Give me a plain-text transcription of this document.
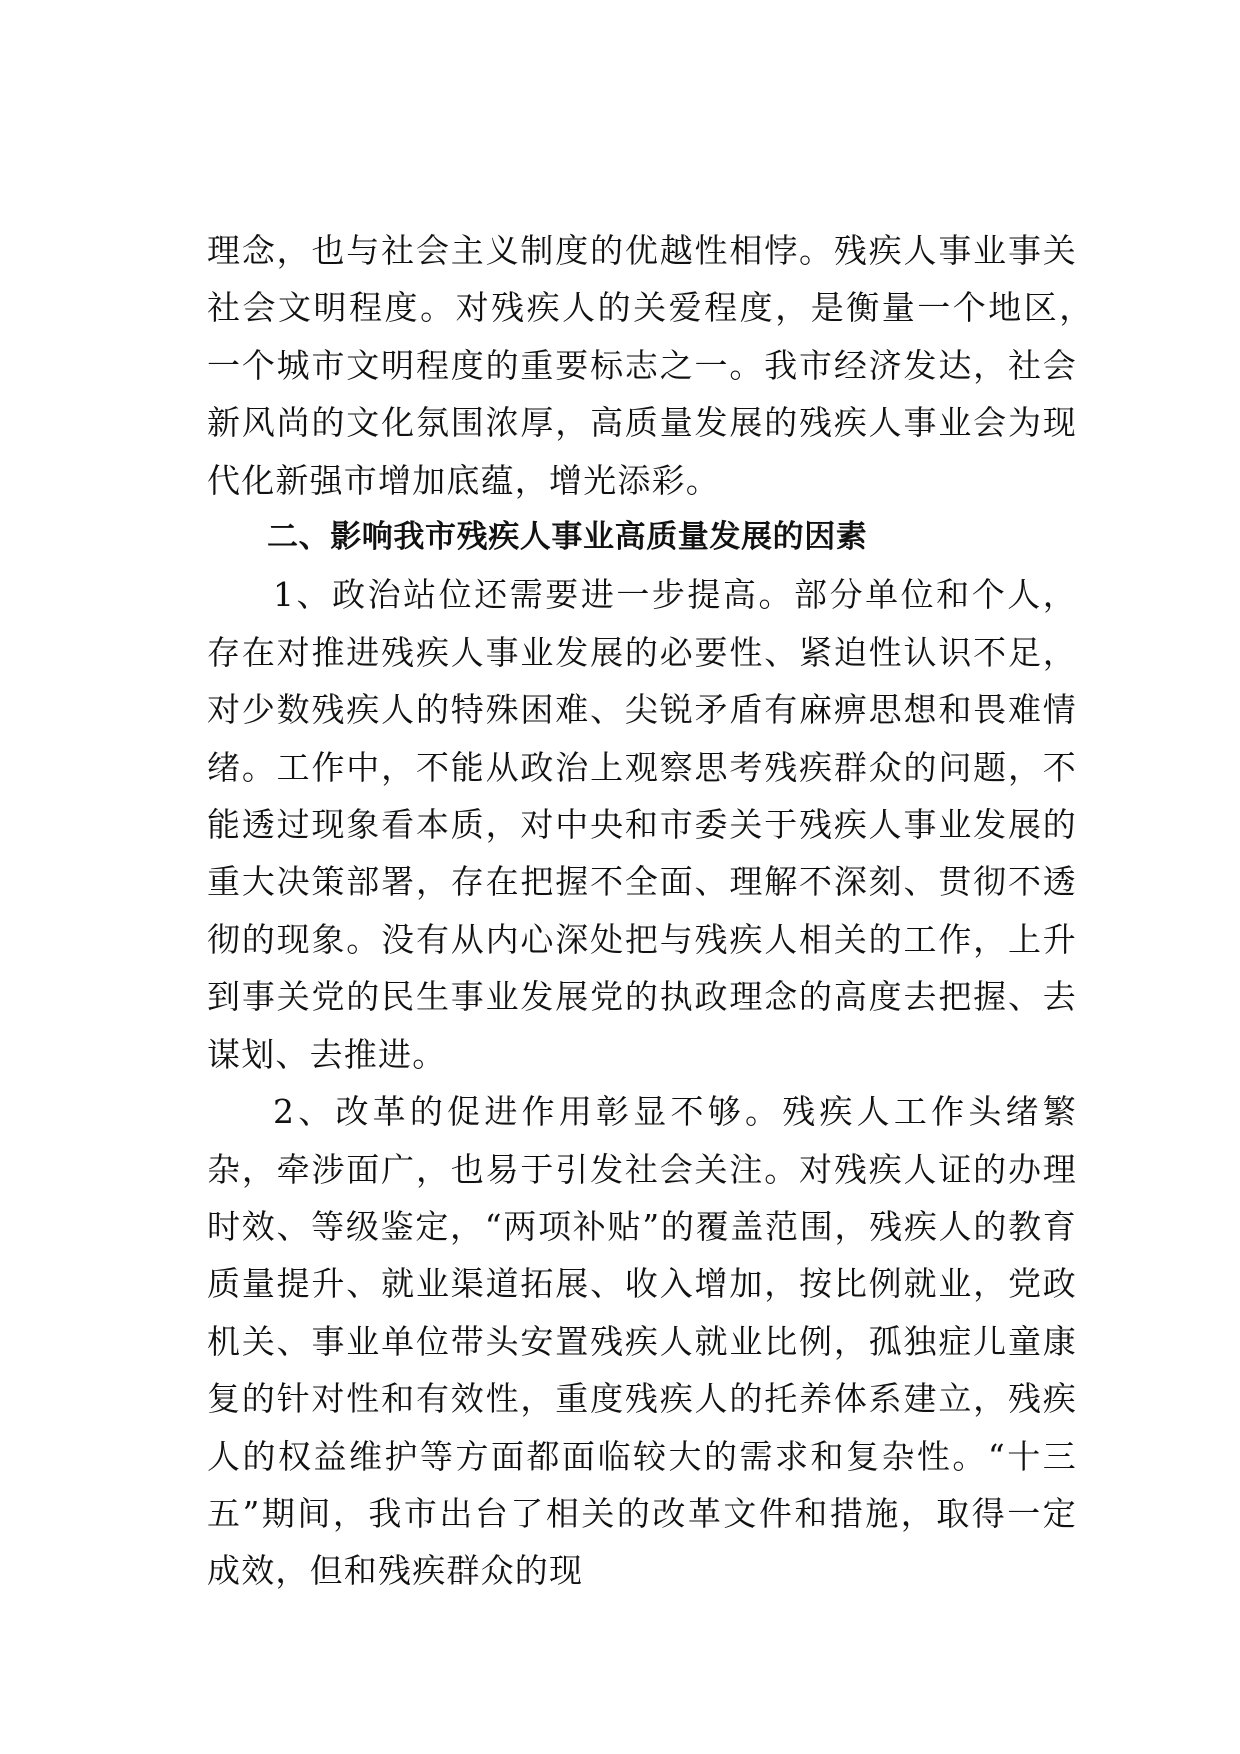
理念，也与社会主义制度的优越性相悖。残疾人事业事关社会文明程度。对残疾人的关爱程度，是衡量一个地区，　一个城市文明程度的重要标志之一。我市经济发达，社会新风尚的文化氛围浓厚，高质量发展的残疾人事业会为现代化新强市增加底蕴，增光添彩。

二、影响我市残疾人事业高质量发展的因素

1、政治站位还需要进一步提高。部分单位和个人，存在对推进残疾人事业发展的必要性、紧迫性认识不足，对少数残疾人的特殊困难、尖锐矛盾有麻痹思想和畏难情绪。工作中，不能从政治上观察思考残疾群众的问题，不能透过现象看本质，对中央和市委关于残疾人事业发展的重大决策部署，存在把握不全面、理解不深刻、贯彻不透彻的现象。没有从内心深处把与残疾人相关的工作，上升到事关党的民生事业发展党的执政理念的高度去把握、去谋划、去推进。

2、改革的促进作用彰显不够。残疾人工作头绪繁杂，牵涉面广，也易于引发社会关注。对残疾人证的办理时效、等级鉴定，“两项补贴”的覆盖范围，残疾人的教育质量提升、就业渠道拓展、收入增加，按比例就业，党政机关、事业单位带头安置残疾人就业比例，孤独症儿童康复的针对性和有效性，重度残疾人的托养体系建立，残疾人的权益维护等方面都面临较大的需求和复杂性。“十三五”期间，我市出台了相关的改革文件和措施，取得一定成效，但和残疾群众的现
